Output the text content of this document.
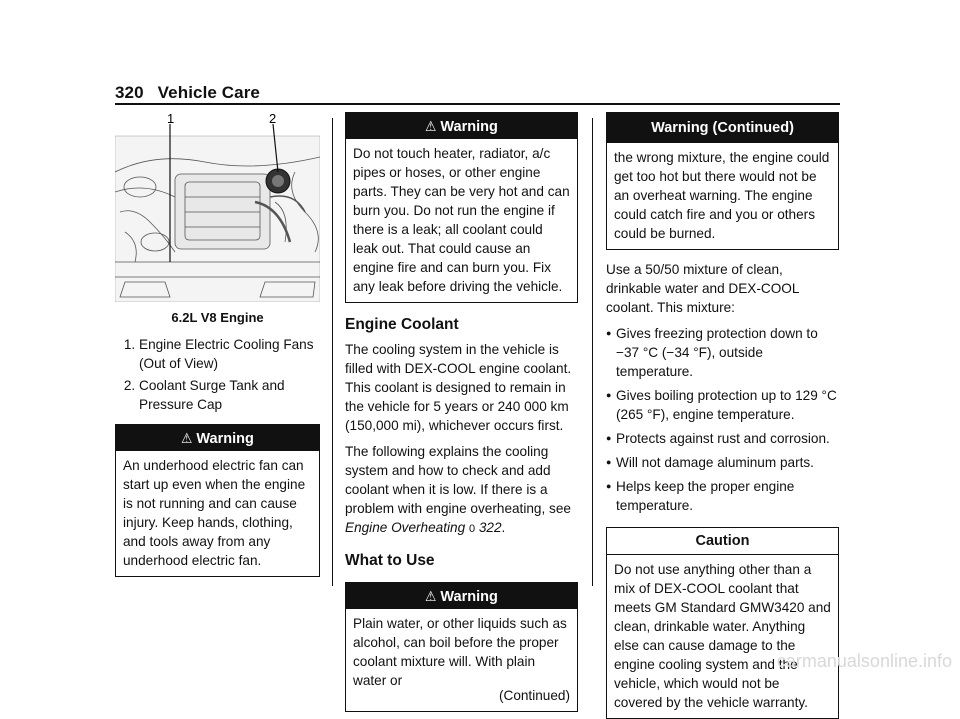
320 Vehicle Care
1	2
6.2L V8 Engine
1. Engine Electric Cooling Fans (Out of View)
2. Coolant Surge Tank and Pressure Cap
⚠ Warning
An underhood electric fan can start up even when the engine is not running and can cause injury. Keep hands, clothing, and tools away from any underhood electric fan.
⚠ Warning
Do not touch heater, radiator, a/c pipes or hoses, or other engine parts. They can be very hot and can burn you. Do not run the engine if there is a leak; all coolant could leak out. That could cause an engine fire and can burn you. Fix any leak before driving the vehicle.
Engine Coolant

The cooling system in the vehicle is filled with DEX-COOL engine coolant. This coolant is designed to remain in the vehicle for 5 years or 240 000 km (150,000 mi), whichever occurs first.

The following explains the cooling system and how to check and add coolant when it is low. If there is a problem with engine overheating, see Engine Overheating 0 322.

What to Use
⚠ Warning
Plain water, or other liquids such as alcohol, can boil before the proper coolant mixture will. With plain water or
(Continued)
Warning (Continued)
the wrong mixture, the engine could get too hot but there would not be an overheat warning. The engine could catch fire and you or others could be burned.

Use a 50/50 mixture of clean, drinkable water and DEX-COOL coolant. This mixture:

● Gives freezing protection down to −37 °C (−34 °F), outside temperature.
● Gives boiling protection up to 129 °C (265 °F), engine temperature.
● Protects against rust and corrosion.
● Will not damage aluminum parts.
● Helps keep the proper engine temperature.
Caution
Do not use anything other than a mix of DEX-COOL coolant that meets GM Standard GMW3420 and clean, drinkable water. Anything else can cause damage to the engine cooling system and the vehicle, which would not be covered by the vehicle warranty.
carmanualsonline.info
